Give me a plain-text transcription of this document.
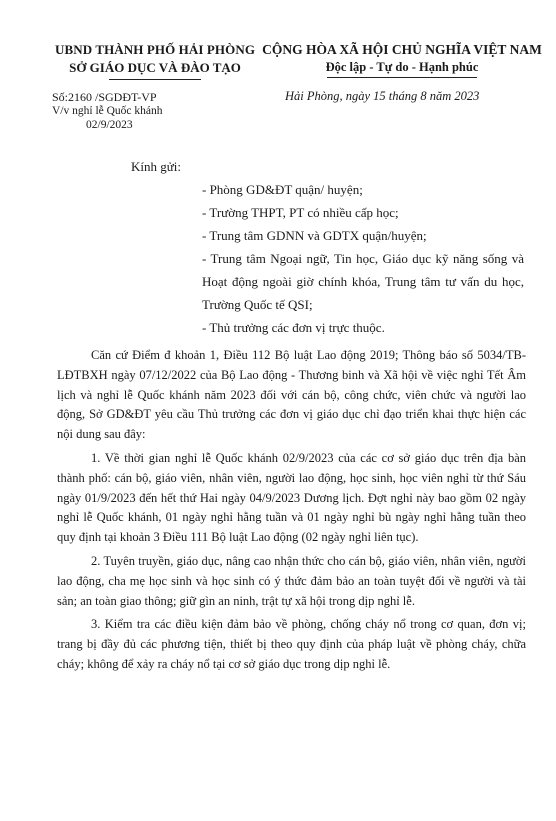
UBND THÀNH PHỐ HẢI PHÒNG
SỞ GIÁO DỤC VÀ ĐÀO TẠO
CỘNG HÒA XÃ HỘI CHỦ NGHĨA VIỆT NAM
Độc lập - Tự do - Hạnh phúc
Số:2160 /SGDĐT-VP
V/v nghỉ lễ Quốc khánh
02/9/2023
Hải Phòng, ngày 15 tháng 8 năm 2023
Kính gửi:
- Phòng GD&ĐT quận/ huyện;
- Trường THPT, PT có nhiều cấp học;
- Trung tâm GDNN và GDTX quận/huyện;
- Trung tâm Ngoại ngữ, Tin học, Giáo dục kỹ năng sống và Hoạt động ngoài giờ chính khóa, Trung tâm tư vấn du học, Trường Quốc tế QSI;
- Thủ trưởng các đơn vị trực thuộc.

Căn cứ Điểm đ khoản 1, Điều 112 Bộ luật Lao động 2019; Thông báo số 5034/TB-LĐTBXH ngày 07/12/2022 của Bộ Lao động - Thương binh và Xã hội về việc nghỉ Tết Âm lịch và nghỉ lễ Quốc khánh năm 2023 đối với cán bộ, công chức, viên chức và người lao động, Sở GD&ĐT yêu cầu Thủ trưởng các đơn vị giáo dục chỉ đạo triển khai thực hiện các nội dung sau đây:

1. Về thời gian nghỉ lễ Quốc khánh 02/9/2023 của các cơ sở giáo dục trên địa bàn thành phố: cán bộ, giáo viên, nhân viên, người lao động, học sinh, học viên nghỉ từ thứ Sáu ngày 01/9/2023 đến hết thứ Hai ngày 04/9/2023 Dương lịch. Đợt nghỉ này bao gồm 02 ngày nghỉ lễ Quốc khánh, 01 ngày nghỉ hằng tuần và 01 ngày nghỉ bù ngày nghỉ hằng tuần theo quy định tại khoản 3 Điều 111 Bộ luật Lao động (02 ngày nghỉ liên tục).

2. Tuyên truyền, giáo dục, nâng cao nhận thức cho cán bộ, giáo viên, nhân viên, người lao động, cha mẹ học sinh và học sinh có ý thức đảm bảo an toàn tuyệt đối về người và tài sản; an toàn giao thông; giữ gìn an ninh, trật tự xã hội trong dịp nghỉ lễ.

3. Kiểm tra các điều kiện đảm bảo về phòng, chống cháy nổ trong cơ quan, đơn vị; trang bị đầy đủ các phương tiện, thiết bị theo quy định của pháp luật về phòng cháy, chữa cháy; không để xảy ra cháy nổ tại cơ sở giáo dục trong dịp nghỉ lễ.
